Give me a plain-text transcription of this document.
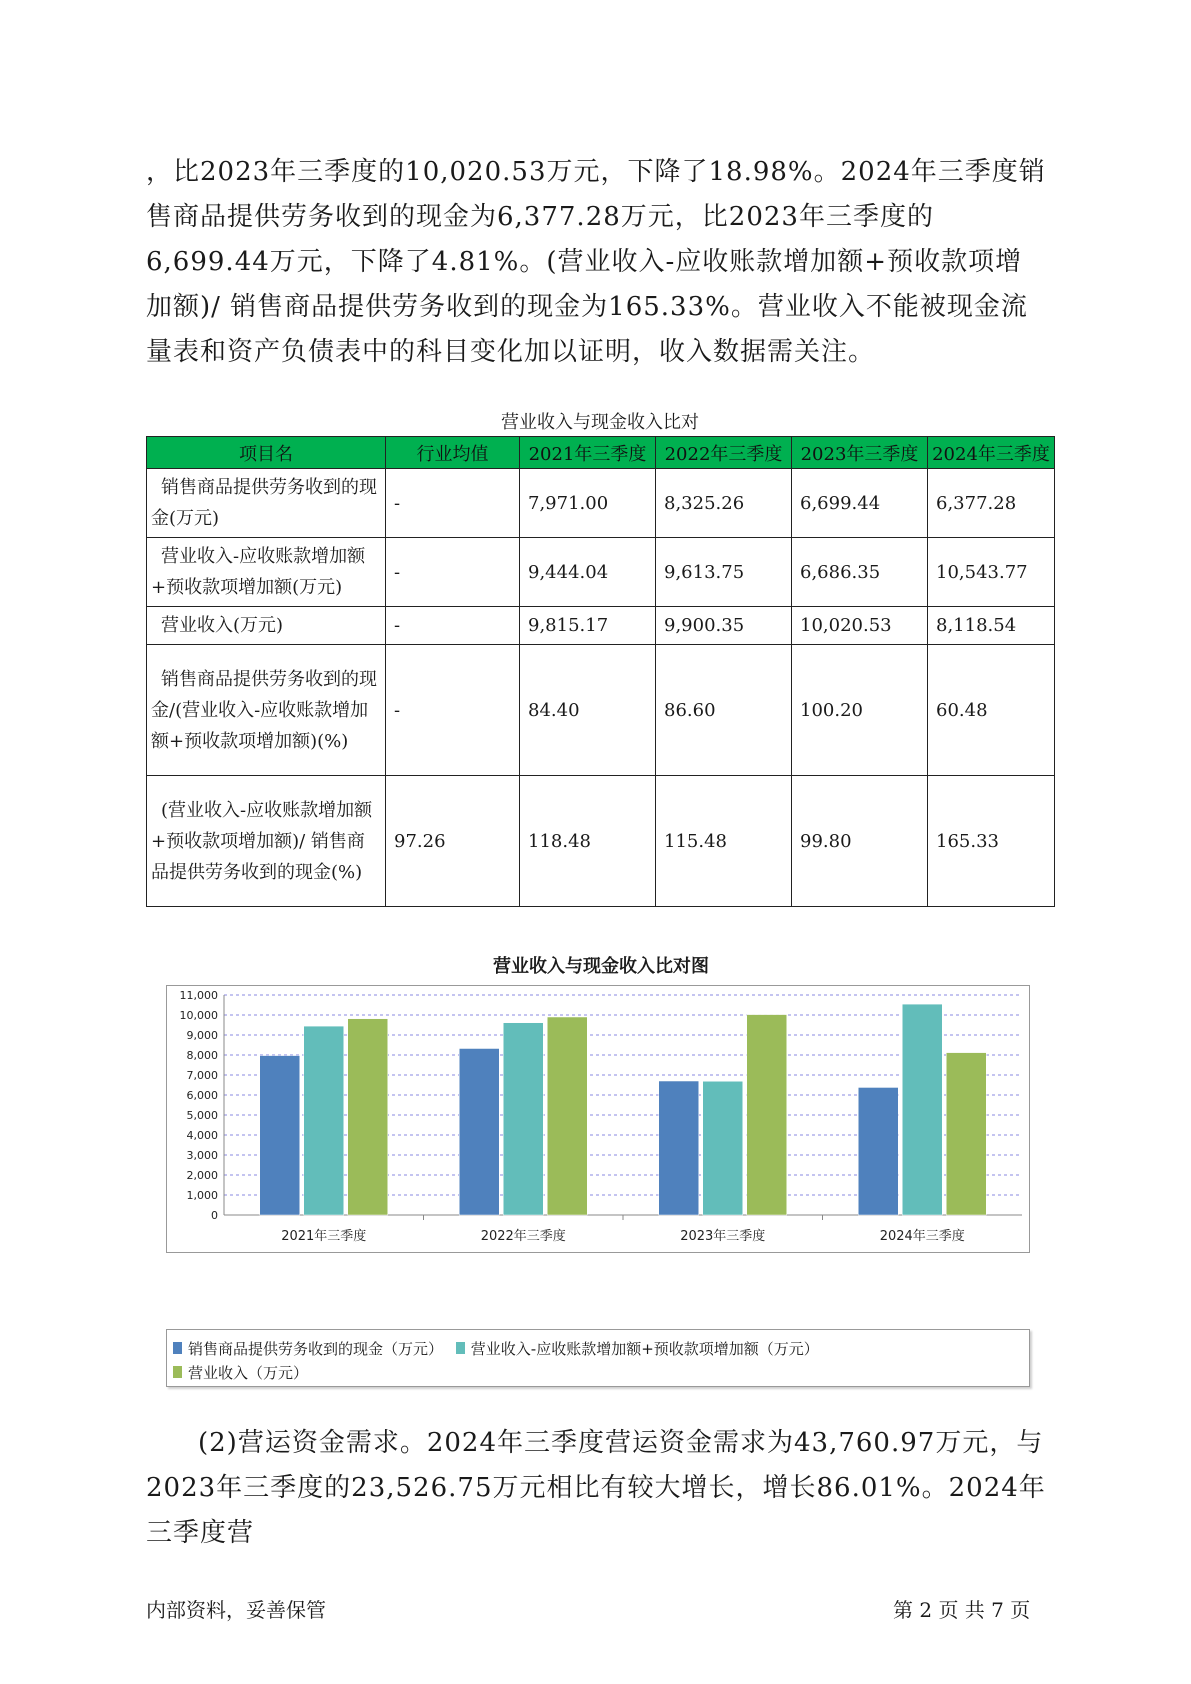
，比2023年三季度的10,020.53万元，下降了18.98%。2024年三季度销售商品提供劳务收到的现金为6,377.28万元，比2023年三季度的6,699.44万元，下降了4.81%。(营业收入-应收账款增加额+预收款项增加额)/ 销售商品提供劳务收到的现金为165.33%。营业收入不能被现金流量表和资产负债表中的科目变化加以证明，收入数据需关注。

营业收入与现金收入比对
项目名	行业均值	2021年三季度	2022年三季度	2023年三季度	2024年三季度
销售商品提供劳务收到的现金(万元)	-	7,971.00	8,325.26	6,699.44	6,377.28
营业收入-应收账款增加额+预收款项增加额(万元)	-	9,444.04	9,613.75	6,686.35	10,543.77
营业收入(万元)	-	9,815.17	9,900.35	10,020.53	8,118.54
销售商品提供劳务收到的现金/(营业收入-应收账款增加额+预收款项增加额)(%)	-	84.40	86.60	100.20	60.48
(营业收入-应收账款增加额+预收款项增加额)/ 销售商品提供劳务收到的现金(%)	97.26	118.48	115.48	99.80	165.33
营业收入与现金收入比对图
0
1,000
2,000
3,000
4,000
5,000
6,000
7,000
8,000
9,000
10,000
11,000
2021年三季度	2022年三季度	2023年三季度	2024年三季度
销售商品提供劳务收到的现金（万元）
营业收入-应收账款增加额+预收款项增加额（万元）

营业收入（万元）

(2)营运资金需求。2024年三季度营运资金需求为43,760.97万元，与2023年三季度的23,526.75万元相比有较大增长，增长86.01%。2024年三季度营

内部资料，妥善保管	第 2 页 共 7 页
